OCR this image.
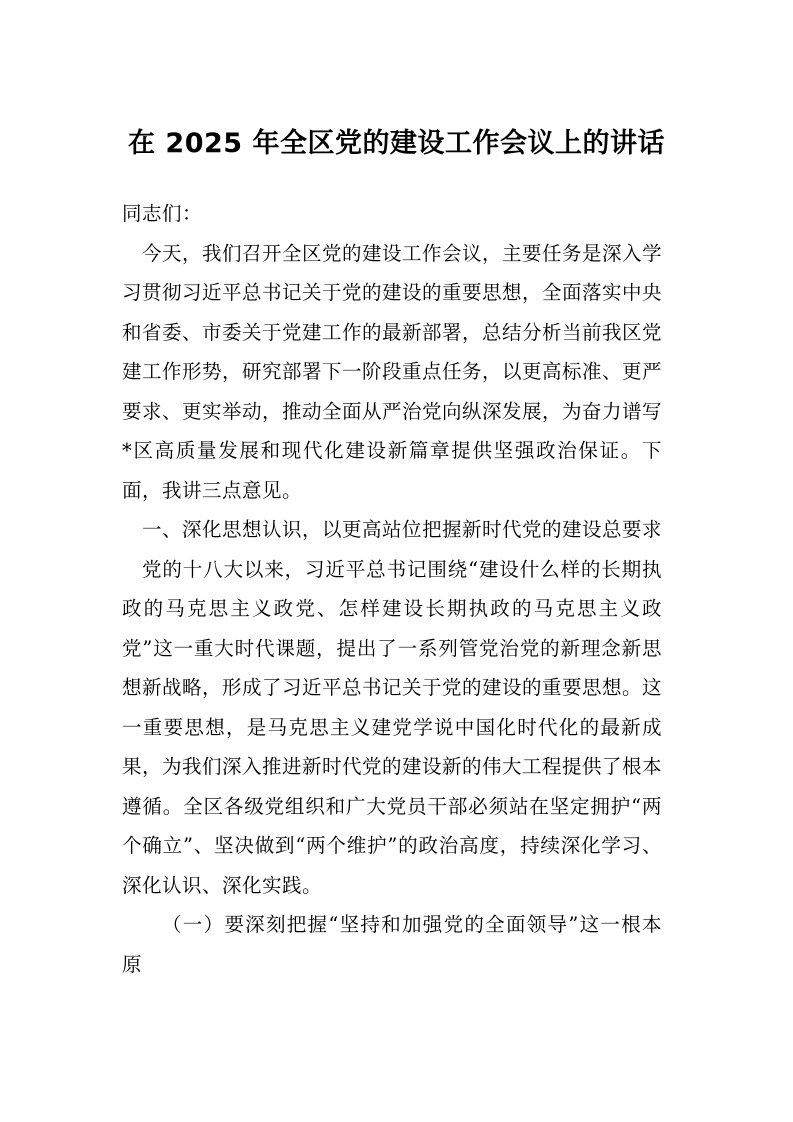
在 2025 年全区党的建设工作会议上的讲话

同志们：

今天，我们召开全区党的建设工作会议，主要任务是深入学习贯彻习近平总书记关于党的建设的重要思想，全面落实中央和省委、市委关于党建工作的最新部署，总结分析当前我区党建工作形势，研究部署下一阶段重点任务，以更高标准、更严要求、更实举动，推动全面从严治党向纵深发展，为奋力谱写*区高质量发展和现代化建设新篇章提供坚强政治保证。下面，我讲三点意见。

一、深化思想认识，以更高站位把握新时代党的建设总要求

党的十八大以来，习近平总书记围绕“建设什么样的长期执政的马克思主义政党、怎样建设长期执政的马克思主义政党”这一重大时代课题，提出了一系列管党治党的新理念新思想新战略，形成了习近平总书记关于党的建设的重要思想。这一重要思想，是马克思主义建党学说中国化时代化的最新成果，为我们深入推进新时代党的建设新的伟大工程提供了根本遵循。全区各级党组织和广大党员干部必须站在坚定拥护“两个确立”、坚决做到“两个维护”的政治高度，持续深化学习、深化认识、深化实践。

（一）要深刻把握“坚持和加强党的全面领导”这一根本原
